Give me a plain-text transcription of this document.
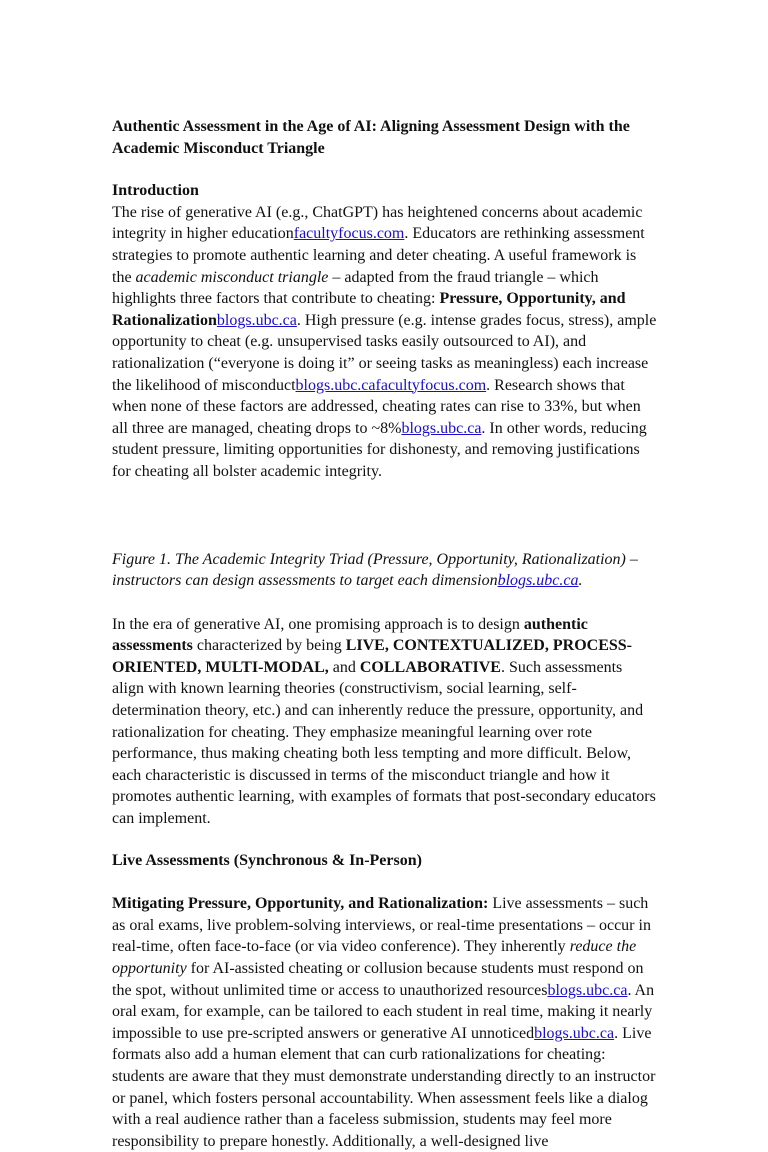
Authentic Assessment in the Age of AI: Aligning Assessment Design with the Academic Misconduct Triangle

Introduction

The rise of generative AI (e.g., ChatGPT) has heightened concerns about academic integrity in higher educationfacultyfocus.com. Educators are rethinking assessment strategies to promote authentic learning and deter cheating. A useful framework is the academic misconduct triangle – adapted from the fraud triangle – which highlights three factors that contribute to cheating: Pressure, Opportunity, and Rationalizationblogs.ubc.ca. High pressure (e.g. intense grades focus, stress), ample opportunity to cheat (e.g. unsupervised tasks easily outsourced to AI), and rationalization (“everyone is doing it” or seeing tasks as meaningless) each increase the likelihood of misconductblogs.ubc.cafacultyfocus.com. Research shows that when none of these factors are addressed, cheating rates can rise to 33%, but when all three are managed, cheating drops to ~8%blogs.ubc.ca. In other words, reducing student pressure, limiting opportunities for dishonesty, and removing justifications for cheating all bolster academic integrity.

Figure 1. The Academic Integrity Triad (Pressure, Opportunity, Rationalization) – instructors can design assessments to target each dimensionblogs.ubc.ca.

In the era of generative AI, one promising approach is to design authentic assessments characterized by being LIVE, CONTEXTUALIZED, PROCESS-ORIENTED, MULTI-MODAL, and COLLABORATIVE. Such assessments align with known learning theories (constructivism, social learning, self-determination theory, etc.) and can inherently reduce the pressure, opportunity, and rationalization for cheating. They emphasize meaningful learning over rote performance, thus making cheating both less tempting and more difficult. Below, each characteristic is discussed in terms of the misconduct triangle and how it promotes authentic learning, with examples of formats that post-secondary educators can implement.

Live Assessments (Synchronous & In-Person)

Mitigating Pressure, Opportunity, and Rationalization: Live assessments – such as oral exams, live problem-solving interviews, or real-time presentations – occur in real-time, often face-to-face (or via video conference). They inherently reduce the opportunity for AI-assisted cheating or collusion because students must respond on the spot, without unlimited time or access to unauthorized resourcesblogs.ubc.ca. An oral exam, for example, can be tailored to each student in real time, making it nearly impossible to use pre-scripted answers or generative AI unnoticedblogs.ubc.ca. Live formats also add a human element that can curb rationalizations for cheating: students are aware that they must demonstrate understanding directly to an instructor or panel, which fosters personal accountability. When assessment feels like a dialog with a real audience rather than a faceless submission, students may feel more responsibility to prepare honestly. Additionally, a well-designed live
